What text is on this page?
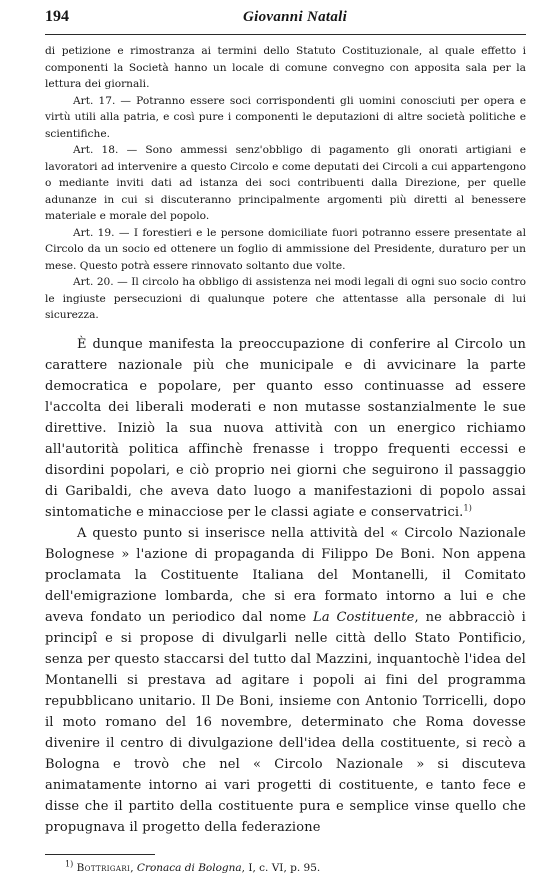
194	Giovanni Natali

di petizione e rimostranza ai termini dello Statuto Costituzionale, al quale effetto i componenti la Società hanno un locale di comune convegno con apposita sala per la lettura dei giornali.

Art. 17. — Potranno essere soci corrispondenti gli uomini conosciuti per opera e virtù utili alla patria, e così pure i componenti le deputazioni di altre società politiche e scientifiche.

Art. 18. — Sono ammessi senz'obbligo di pagamento gli onorati artigiani e lavoratori ad intervenire a questo Circolo e come deputati dei Circoli a cui appartengono o mediante inviti dati ad istanza dei soci contribuenti dalla Direzione, per quelle adunanze in cui si discuteranno principalmente argomenti più diretti al benessere materiale e morale del popolo.

Art. 19. — I forestieri e le persone domiciliate fuori potranno essere presentate al Circolo da un socio ed ottenere un foglio di ammissione del Presidente, duraturo per un mese. Questo potrà essere rinnovato soltanto due volte.

Art. 20. — Il circolo ha obbligo di assistenza nei modi legali di ogni suo socio contro le ingiuste persecuzioni di qualunque potere che attentasse alla personale di lui sicurezza.

È dunque manifesta la preoccupazione di conferire al Circolo un carattere nazionale più che municipale e di avvicinare la parte democratica e popolare, per quanto esso continuasse ad essere l'accolta dei liberali moderati e non mutasse sostanzialmente le sue direttive. Iniziò la sua nuova attività con un energico richiamo all'autorità politica affinchè frenasse i troppo frequenti eccessi e disordini popolari, e ciò proprio nei giorni che seguirono il passaggio di Garibaldi, che aveva dato luogo a manifestazioni di popolo assai sintomatiche e minacciose per le classi agiate e conservatrici.$^{1)}$

A questo punto si inserisce nella attività del « Circolo Nazionale Bolognese » l'azione di propaganda di Filippo De Boni. Non appena proclamata la Costituente Italiana del Montanelli, il Comitato dell'emigrazione lombarda, che si era formato intorno a lui e che aveva fondato un periodico dal nome La Costituente, ne abbracciò i principî e si propose di divulgarli nelle città dello Stato Pontificio, senza per questo staccarsi del tutto dal Mazzini, inquantochè l'idea del Montanelli si prestava ad agitare i popoli ai fini del programma repubblicano unitario. Il De Boni, insieme con Antonio Torricelli, dopo il moto romano del 16 novembre, determinato che Roma dovesse divenire il centro di divulgazione dell'idea della costituente, si recò a Bologna e trovò che nel « Circolo Nazionale » si discuteva animatamente intorno ai vari progetti di costituente, e tanto fece e disse che il partito della costituente pura e semplice vinse quello che propugnava il progetto della federazione

$^{1)}$ Bottrigari, Cronaca di Bologna, I, c. VI, p. 95.
